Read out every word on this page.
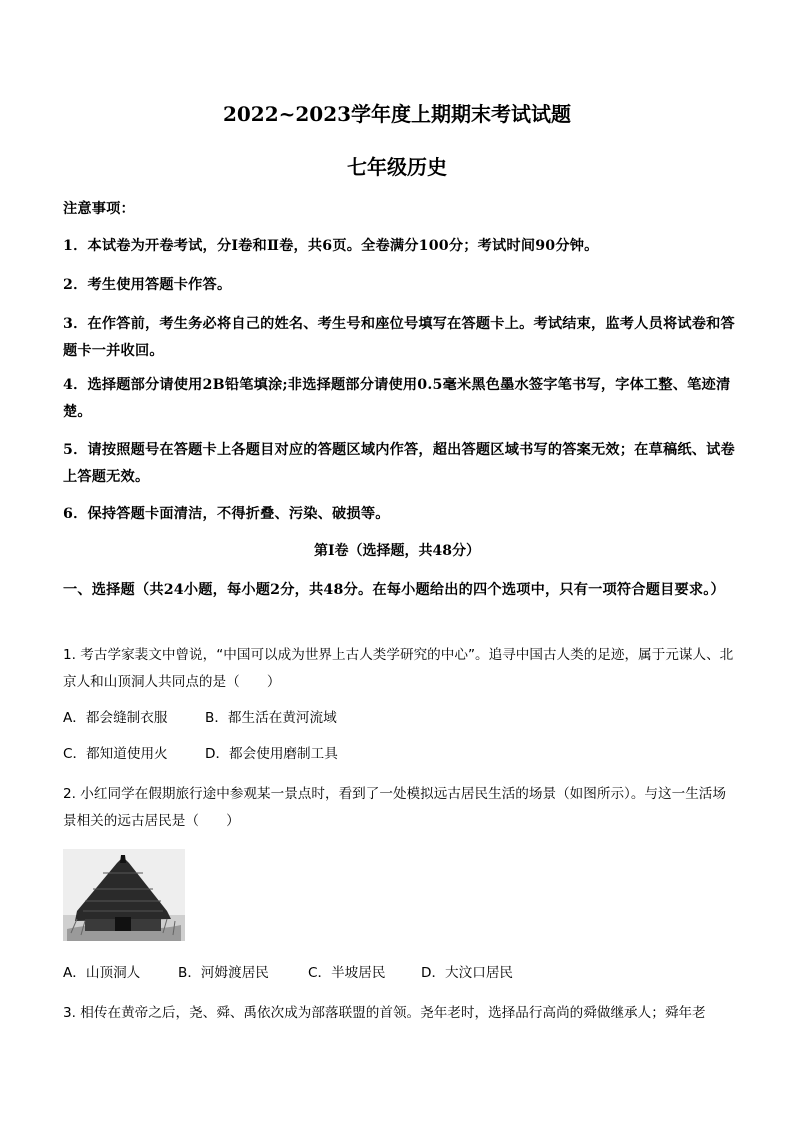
2022~2023学年度上期期末考试试题
七年级历史
注意事项：
1．本试卷为开卷考试，分Ⅰ卷和Ⅱ卷，共6页。全卷满分100分；考试时间90分钟。
2．考生使用答题卡作答。
3．在作答前，考生务必将自己的姓名、考生号和座位号填写在答题卡上。考试结束，监考人员将试卷和答题卡一并收回。
4．选择题部分请使用2B铅笔填涂;非选择题部分请使用0.5毫米黑色墨水签字笔书写，字体工整、笔迹清楚。
5．请按照题号在答题卡上各题目对应的答题区域内作答，超出答题区域书写的答案无效；在草稿纸、试卷上答题无效。
6．保持答题卡面清洁，不得折叠、污染、破损等。
第Ⅰ卷（选择题，共48分）
一、选择题（共24小题，每小题2分，共48分。在每小题给出的四个选项中，只有一项符合题目要求。）
1. 考古学家裴文中曾说，“中国可以成为世界上古人类学研究的中心”。追寻中国古人类的足迹，属于元谋人、北京人和山顶洞人共同点的是（　　）
A．都会缝制衣服	B．都生活在黄河流域
C．都知道使用火	D．都会使用磨制工具
2. 小红同学在假期旅行途中参观某一景点时，看到了一处模拟远古居民生活的场景（如图所示）。与这一生活场景相关的远古居民是（　　）
A．山顶洞人	B．河姆渡居民	C．半坡居民	D．大汶口居民
3. 相传在黄帝之后，尧、舜、禹依次成为部落联盟的首领。尧年老时，选择品行高尚的舜做继承人；舜年老
